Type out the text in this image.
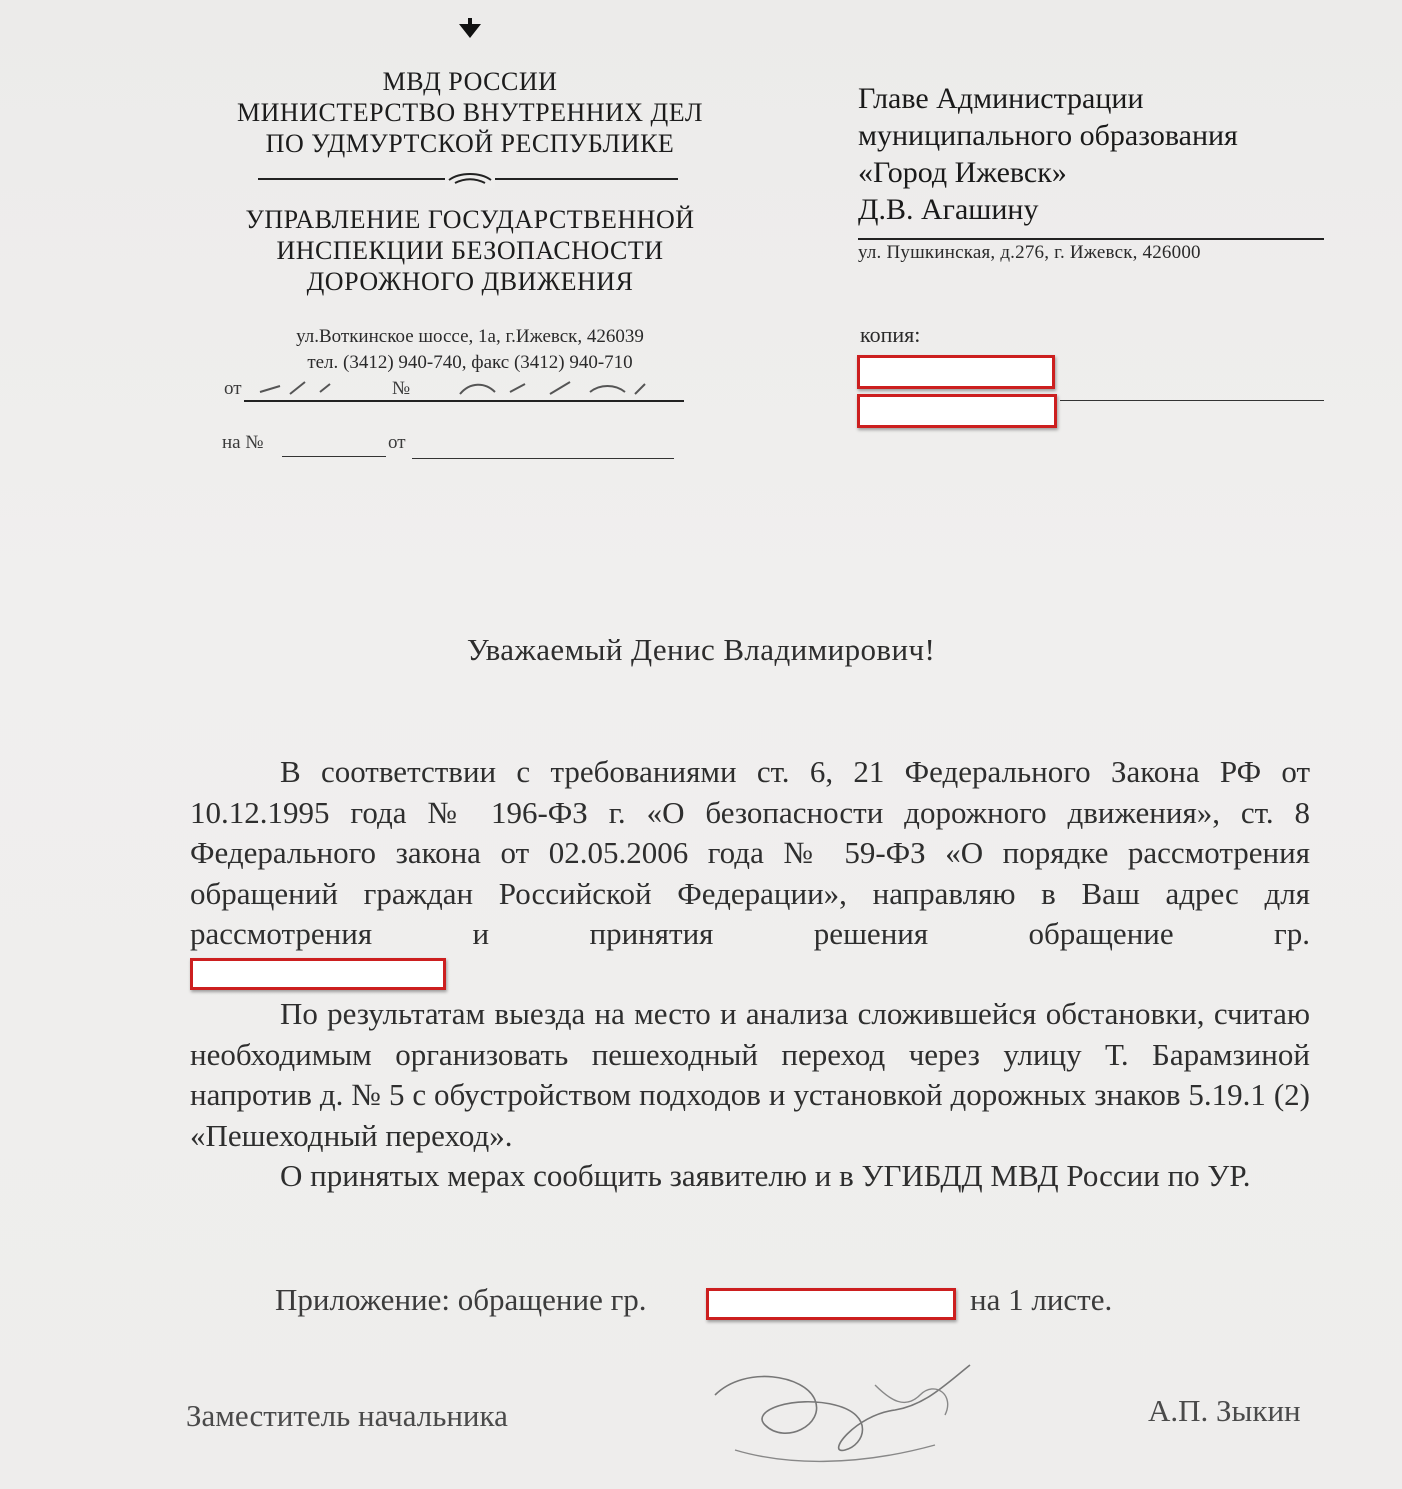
МВД РОССИИ
МИНИСТЕРСТВО ВНУТРЕННИХ ДЕЛ
ПО УДМУРТСКОЙ РЕСПУБЛИКЕ
УПРАВЛЕНИЕ ГОСУДАРСТВЕННОЙ
ИНСПЕКЦИИ БЕЗОПАСНОСТИ
ДОРОЖНОГО ДВИЖЕНИЯ
ул.Воткинское шоссе, 1а, г.Ижевск, 426039
тел. (3412) 940-740, факс (3412) 940-710
от	№
на №	от
Главе Администрации
муниципального образования
«Город Ижевск»
Д.В. Агашину
ул. Пушкинская, д.276, г. Ижевск, 426000
копия:
Уважаемый Денис Владимирович!

В соответствии с требованиями ст. 6, 21 Федерального Закона РФ от 10.12.1995 года № 196-ФЗ г. «О безопасности дорожного движения», ст. 8 Федерального закона от 02.05.2006 года № 59-ФЗ «О порядке рассмотрения обращений граждан Российской Федерации», направляю в Ваш адрес для рассмотрения и принятия решения обращение гр.

По результатам выезда на место и анализа сложившейся обстановки, считаю необходимым организовать пешеходный переход через улицу Т. Барамзиной напротив д. № 5 с обустройством подходов и установкой дорожных знаков 5.19.1 (2) «Пешеходный переход».

О принятых мерах сообщить заявителю и в УГИБДД МВД России по УР.

Приложение: обращение гр.	на 1 листе.
Заместитель начальника	А.П. Зыкин
